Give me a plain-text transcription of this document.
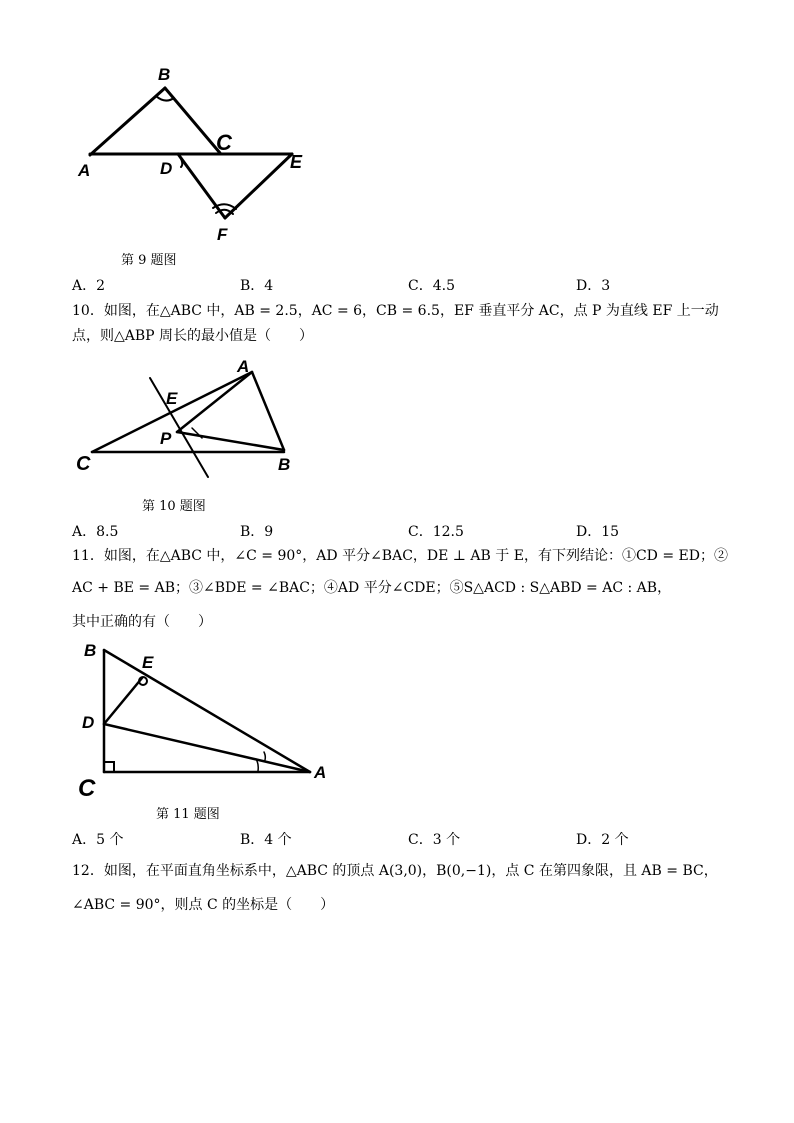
B
C
A	D	E
F
第 9 题图
A．2	B．4	C．4.5	D．3
10．如图，在△ABC 中，AB = 2.5，AC = 6，CB = 6.5，EF 垂直平分 AC，点 P 为直线 EF 上一动
点，则△ABP 周长的最小值是（　　）
A
E
P
C	B
第 10 题图
A．8.5	B．9	C．12.5	D．15
11．如图，在△ABC 中，∠C = 90°，AD 平分∠BAC，DE ⊥ AB 于 E，有下列结论：①CD = ED；②
AC + BE = AB；③∠BDE = ∠BAC；④AD 平分∠CDE；⑤S△ACD : S△ABD = AC : AB，
其中正确的有（　　）
B
E
D
C
A
第 11 题图
A．5 个	B．4 个	C．3 个	D．2 个
12．如图，在平面直角坐标系中，△ABC 的顶点 A(3,0)，B(0,−1)，点 C 在第四象限，且 AB = BC，
∠ABC = 90°，则点 C 的坐标是（　　）
